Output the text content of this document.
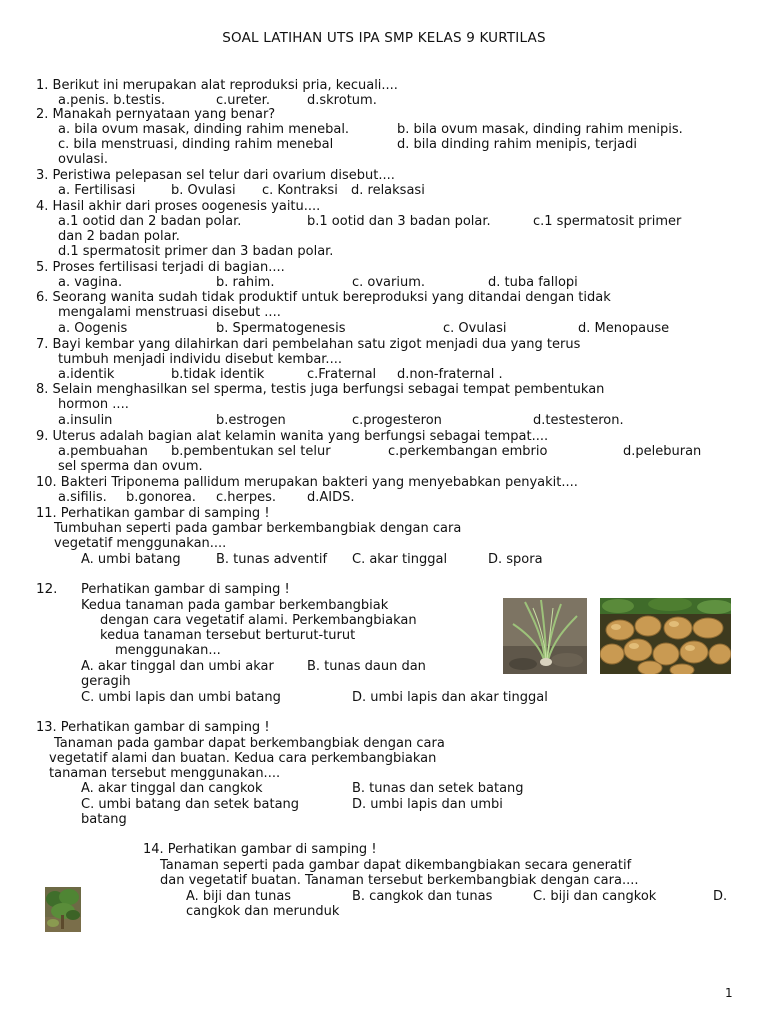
SOAL LATIHAN UTS IPA SMP KELAS 9 KURTILAS
1. Berikut ini merupakan alat reproduksi pria, kecuali....
a.penis. b.testis.	c.ureter.	d.skrotum.
2. Manakah pernyataan yang benar?
a. bila ovum masak, dinding rahim menebal.	b. bila ovum masak, dinding rahim menipis.
c. bila menstruasi, dinding rahim menebal	d. bila dinding rahim menipis, terjadi
ovulasi.
3. Peristiwa pelepasan sel telur dari ovarium disebut....
a. Fertilisasi	b. Ovulasi c. Kontraksi d. relaksasi
4. Hasil akhir dari proses oogenesis yaitu....
a.1 ootid dan 2 badan polar.	b.1 ootid dan 3 badan polar.	c.1 spermatosit primer
dan 2 badan polar.
d.1 spermatosit primer dan 3 badan polar.
5. Proses fertilisasi terjadi di bagian....
a. vagina.	b. rahim.	c. ovarium.	d. tuba fallopi
6. Seorang wanita sudah tidak produktif untuk bereproduksi yang ditandai dengan tidak
mengalami menstruasi disebut ....
a. Oogenis	b. Spermatogenesis	c. Ovulasi	d. Menopause
7. Bayi kembar yang dilahirkan dari pembelahan satu zigot menjadi dua yang terus
tumbuh menjadi individu disebut kembar....
a.identik	b.tidak identik	c.Fraternal d.non-fraternal .
8. Selain menghasilkan sel sperma, testis juga berfungsi sebagai tempat pembentukan
hormon ....
a.insulin	b.estrogen	c.progesteron	d.testesteron.
9. Uterus adalah bagian alat kelamin wanita yang berfungsi sebagai tempat....
a.pembuahan b.pembentukan sel telur	c.perkembangan embrio	d.peleburan
sel sperma dan ovum.
10. Bakteri Triponema pallidum merupakan bakteri yang menyebabkan penyakit....
a.sifilis. b.gonorea. c.herpes. d.AIDS.
11. Perhatikan gambar di samping !
Tumbuhan seperti pada gambar berkembangbiak dengan cara
vegetatif menggunakan....
A. umbi batang	B. tunas adventif C. akar tinggal	D. spora
12. Perhatikan gambar di samping !
Kedua tanaman pada gambar berkembangbiak
dengan cara vegetatif alami. Perkembangbiakan
kedua tanaman tersebut berturut-turut
menggunakan...
A. akar tinggal dan umbi akar	B. tunas daun dan
geragih
C. umbi lapis dan umbi batang	D. umbi lapis dan akar tinggal
13. Perhatikan gambar di samping !
Tanaman pada gambar dapat berkembangbiak dengan cara
vegetatif alami dan buatan. Kedua cara perkembangbiakan
tanaman tersebut menggunakan....
A. akar tinggal dan cangkok	B. tunas dan setek batang
C. umbi batang dan setek batang	D. umbi lapis dan umbi
batang
14. Perhatikan gambar di samping !
Tanaman seperti pada gambar dapat dikembangbiakan secara generatif
dan vegetatif buatan. Tanaman tersebut berkembangbiak dengan cara....
A. biji dan tunas	B. cangkok dan tunas	C. biji dan cangkok	D.
cangkok dan merunduk
1
